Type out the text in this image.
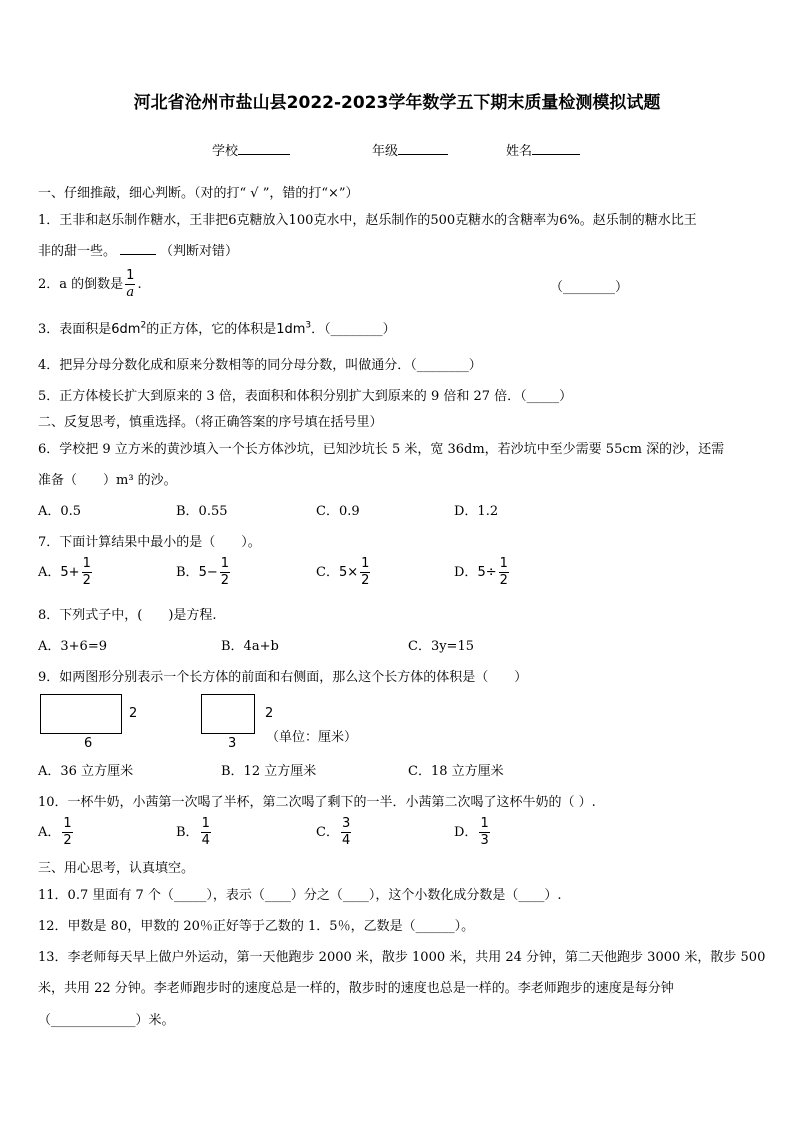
河北省沧州市盐山县2022-2023学年数学五下期末质量检测模拟试题
学校	年级	姓名
一、仔细推敲，细心判断。（对的打“ √ ”，错的打“×”）
1．王非和赵乐制作糖水，王非把6克糖放入100克水中，赵乐制作的500克糖水的含糖率为6%。赵乐制的糖水比王
非的甜一些。	（判断对错）
2．a 的倒数是 $\frac{1}{a}$ .	（________）
3．表面积是$6dm^2$的正方体，它的体积是$1dm^3$．（________）
4．把异分母分数化成和原来分数相等的同分母分数，叫做通分．（________）
5．正方体棱长扩大到原来的 3 倍，表面积和体积分别扩大到原来的 9 倍和 27 倍．（_____）
二、反复思考，慎重选择。（将正确答案的序号填在括号里）
6．学校把 9 立方米的黄沙填入一个长方体沙坑，已知沙坑长 5 米，宽 36dm，若沙坑中至少需要 55cm 深的沙，还需
准备（　　）m³ 的沙。
A．0.5	B．0.55	C．0.9	D．1.2
7．下面计算结果中最小的是（　　）。
A．$5+ \frac{1}{2}$	B．$5- \frac{1}{2}$	C．$5\times \frac{1}{2}$	D．$5\div \frac{1}{2}$
8．下列式子中，(　　)是方程.
A．3+6=9	B．4a+b	C．3y=15
9．如两图形分别表示一个长方体的前面和右侧面，那么这个长方体的体积是（　　）
2
6
2
3 （单位：厘米）
A．36 立方厘米	B．12 立方厘米	C．18 立方厘米
10．一杯牛奶，小茜第一次喝了半杯，第二次喝了剩下的一半．小茜第二次喝了这杯牛奶的（ ）.
A． $\frac{1}{2}$	B． $\frac{1}{4}$	C． $\frac{3}{4}$	D． $\frac{1}{3}$
三、用心思考，认真填空。
11．0.7 里面有 7 个（_____），表示（____）分之（____），这个小数化成分数是（____）.
12．甲数是 80，甲数的 20％正好等于乙数的 1．5％，乙数是（______）。
13．李老师每天早上做户外运动，第一天他跑步 2000 米，散步 1000 米，共用 24 分钟，第二天他跑步 3000 米，散步 500
米，共用 22 分钟。李老师跑步时的速度总是一样的，散步时的速度也总是一样的。李老师跑步的速度是每分钟
（_____________）米。
